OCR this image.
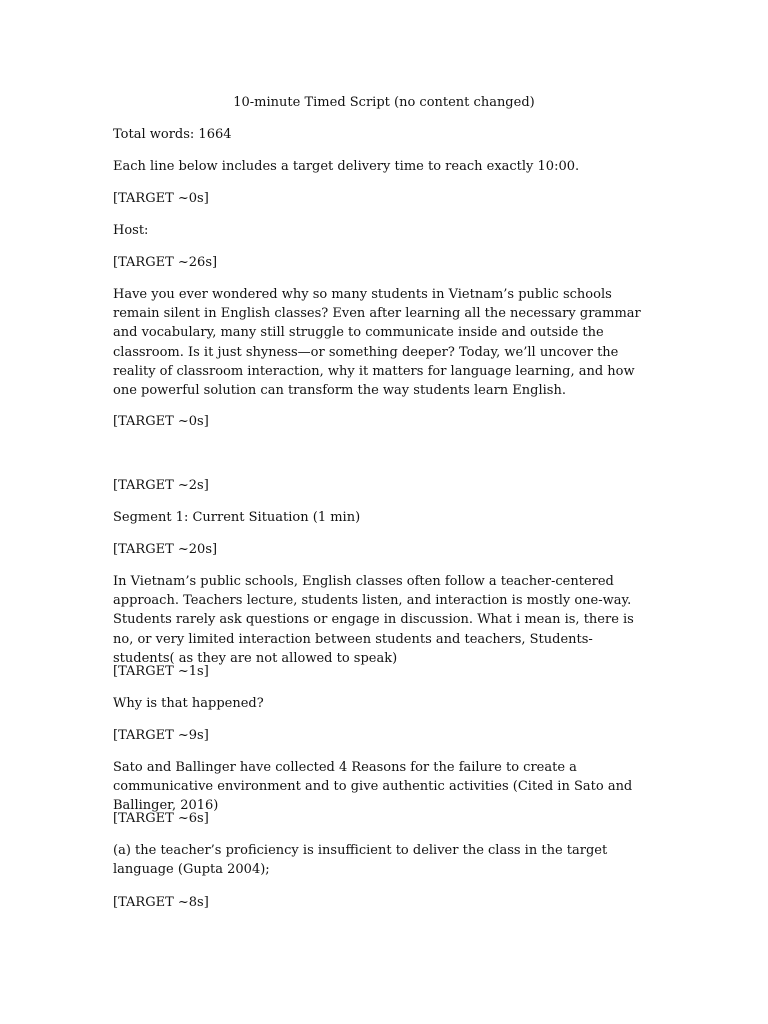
10-minute Timed Script (no content changed)
Total words: 1664
Each line below includes a target delivery time to reach exactly 10:00.
[TARGET ~0s]
Host:
[TARGET ~26s]
Have you ever wondered why so many students in Vietnam’s public schools remain silent in English classes? Even after learning all the necessary grammar and vocabulary, many still struggle to communicate inside and outside the classroom. Is it just shyness—or something deeper? Today, we’ll uncover the reality of classroom interaction, why it matters for language learning, and how one powerful solution can transform the way students learn English.
[TARGET ~0s]
[TARGET ~2s]
Segment 1: Current Situation (1 min)
[TARGET ~20s]
In Vietnam’s public schools, English classes often follow a teacher-centered approach. Teachers lecture, students listen, and interaction is mostly one-way. Students rarely ask questions or engage in discussion. What i mean is, there is no, or very limited interaction between students and teachers, Students- students( as they are not allowed to speak)
[TARGET ~1s]
Why is that happened?
[TARGET ~9s]
Sato and Ballinger have collected 4 Reasons for the failure to create a communicative environment and to give authentic activities (Cited in Sato and Ballinger, 2016)
[TARGET ~6s]
(a) the teacher’s proficiency is insufficient to deliver the class in the target language (Gupta 2004);
[TARGET ~8s]
